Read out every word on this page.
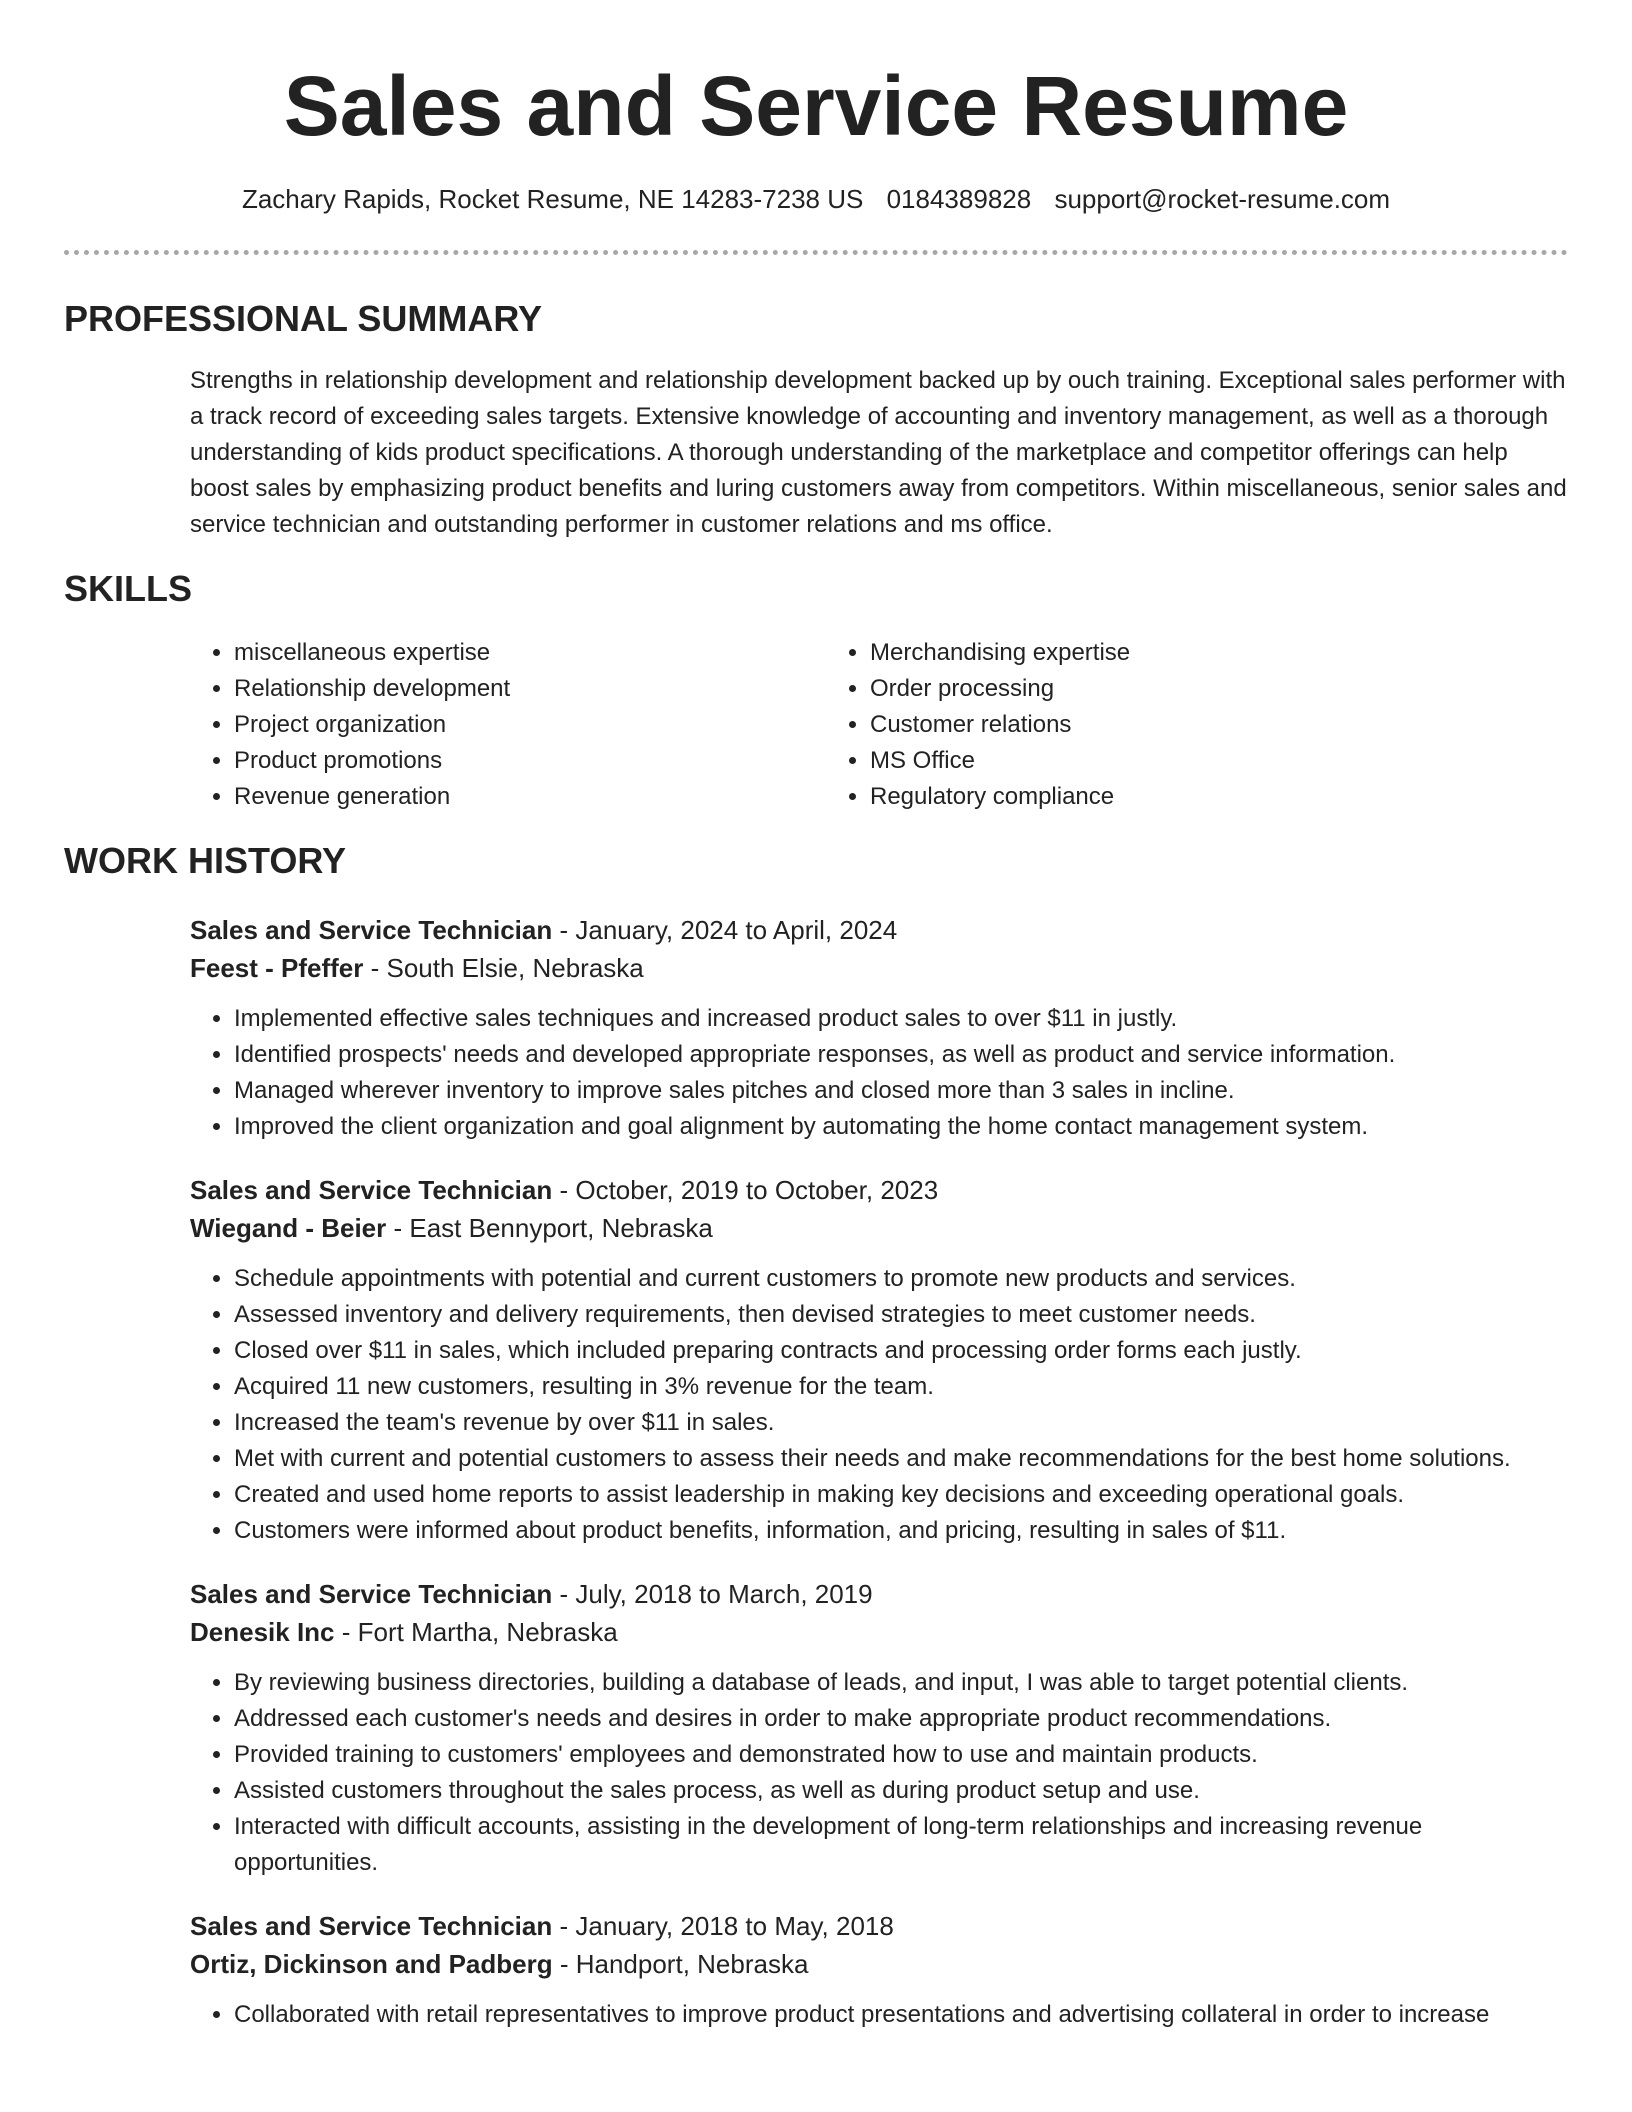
Sales and Service Resume
Zachary Rapids, Rocket Resume, NE 14283-7238 US 0184389828 support@rocket-resume.com
PROFESSIONAL SUMMARY

Strengths in relationship development and relationship development backed up by ouch training. Exceptional sales performer with a track record of exceeding sales targets. Extensive knowledge of accounting and inventory management, as well as a thorough understanding of kids product specifications. A thorough understanding of the marketplace and competitor offerings can help boost sales by emphasizing product benefits and luring customers away from competitors. Within miscellaneous, senior sales and service technician and outstanding performer in customer relations and ms office.

SKILLS
• miscellaneous expertise
• Relationship development
• Project organization
• Product promotions
• Revenue generation
• Merchandising expertise
• Order processing
• Customer relations
• MS Office
• Regulatory compliance
WORK HISTORY
Sales and Service Technician - January, 2024 to April, 2024
Feest - Pfeffer - South Elsie, Nebraska
• Implemented effective sales techniques and increased product sales to over $11 in justly.
• Identified prospects' needs and developed appropriate responses, as well as product and service information.
• Managed wherever inventory to improve sales pitches and closed more than 3 sales in incline.
• Improved the client organization and goal alignment by automating the home contact management system.
Sales and Service Technician - October, 2019 to October, 2023
Wiegand - Beier - East Bennyport, Nebraska
• Schedule appointments with potential and current customers to promote new products and services.
• Assessed inventory and delivery requirements, then devised strategies to meet customer needs.
• Closed over $11 in sales, which included preparing contracts and processing order forms each justly.
• Acquired 11 new customers, resulting in 3% revenue for the team.
• Increased the team's revenue by over $11 in sales.
• Met with current and potential customers to assess their needs and make recommendations for the best home solutions.
• Created and used home reports to assist leadership in making key decisions and exceeding operational goals.
• Customers were informed about product benefits, information, and pricing, resulting in sales of $11.
Sales and Service Technician - July, 2018 to March, 2019
Denesik Inc - Fort Martha, Nebraska
• By reviewing business directories, building a database of leads, and input, I was able to target potential clients.
• Addressed each customer's needs and desires in order to make appropriate product recommendations.
• Provided training to customers' employees and demonstrated how to use and maintain products.
• Assisted customers throughout the sales process, as well as during product setup and use.
• Interacted with difficult accounts, assisting in the development of long-term relationships and increasing revenue opportunities.
Sales and Service Technician - January, 2018 to May, 2018
Ortiz, Dickinson and Padberg - Handport, Nebraska
• Collaborated with retail representatives to improve product presentations and advertising collateral in order to increase
